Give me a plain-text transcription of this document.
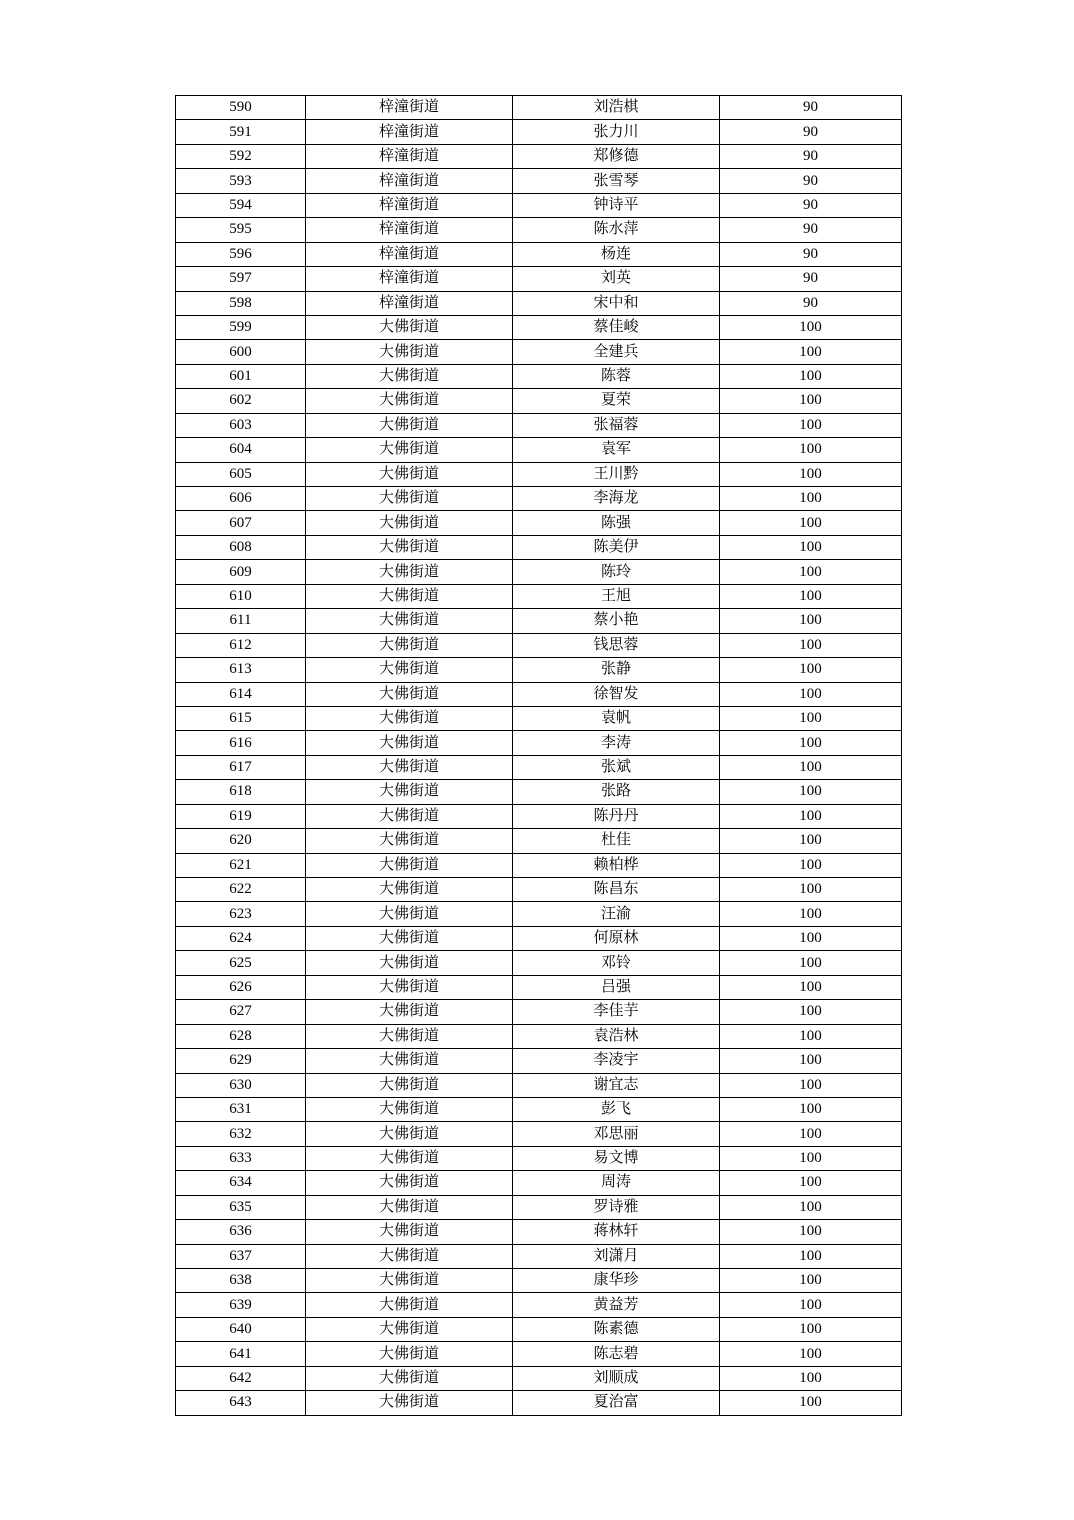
590	梓潼街道	刘浩棋	90
591	梓潼街道	张力川	90
592	梓潼街道	郑修德	90
593	梓潼街道	张雪琴	90
594	梓潼街道	钟诗平	90
595	梓潼街道	陈水萍	90
596	梓潼街道	杨连	90
597	梓潼街道	刘英	90
598	梓潼街道	宋中和	90
599	大佛街道	蔡佳峻	100
600	大佛街道	全建兵	100
601	大佛街道	陈蓉	100
602	大佛街道	夏荣	100
603	大佛街道	张福蓉	100
604	大佛街道	袁军	100
605	大佛街道	王川黔	100
606	大佛街道	李海龙	100
607	大佛街道	陈强	100
608	大佛街道	陈美伊	100
609	大佛街道	陈玲	100
610	大佛街道	王旭	100
611	大佛街道	蔡小艳	100
612	大佛街道	钱思蓉	100
613	大佛街道	张静	100
614	大佛街道	徐智发	100
615	大佛街道	袁帆	100
616	大佛街道	李涛	100
617	大佛街道	张斌	100
618	大佛街道	张路	100
619	大佛街道	陈丹丹	100
620	大佛街道	杜佳	100
621	大佛街道	赖柏桦	100
622	大佛街道	陈昌东	100
623	大佛街道	汪渝	100
624	大佛街道	何原林	100
625	大佛街道	邓铃	100
626	大佛街道	吕强	100
627	大佛街道	李佳芋	100
628	大佛街道	袁浩林	100
629	大佛街道	李凌宇	100
630	大佛街道	谢宜志	100
631	大佛街道	彭飞	100
632	大佛街道	邓思丽	100
633	大佛街道	易文博	100
634	大佛街道	周涛	100
635	大佛街道	罗诗雅	100
636	大佛街道	蒋林轩	100
637	大佛街道	刘潇月	100
638	大佛街道	康华珍	100
639	大佛街道	黄益芳	100
640	大佛街道	陈素德	100
641	大佛街道	陈志碧	100
642	大佛街道	刘顺成	100
643	大佛街道	夏治富	100
